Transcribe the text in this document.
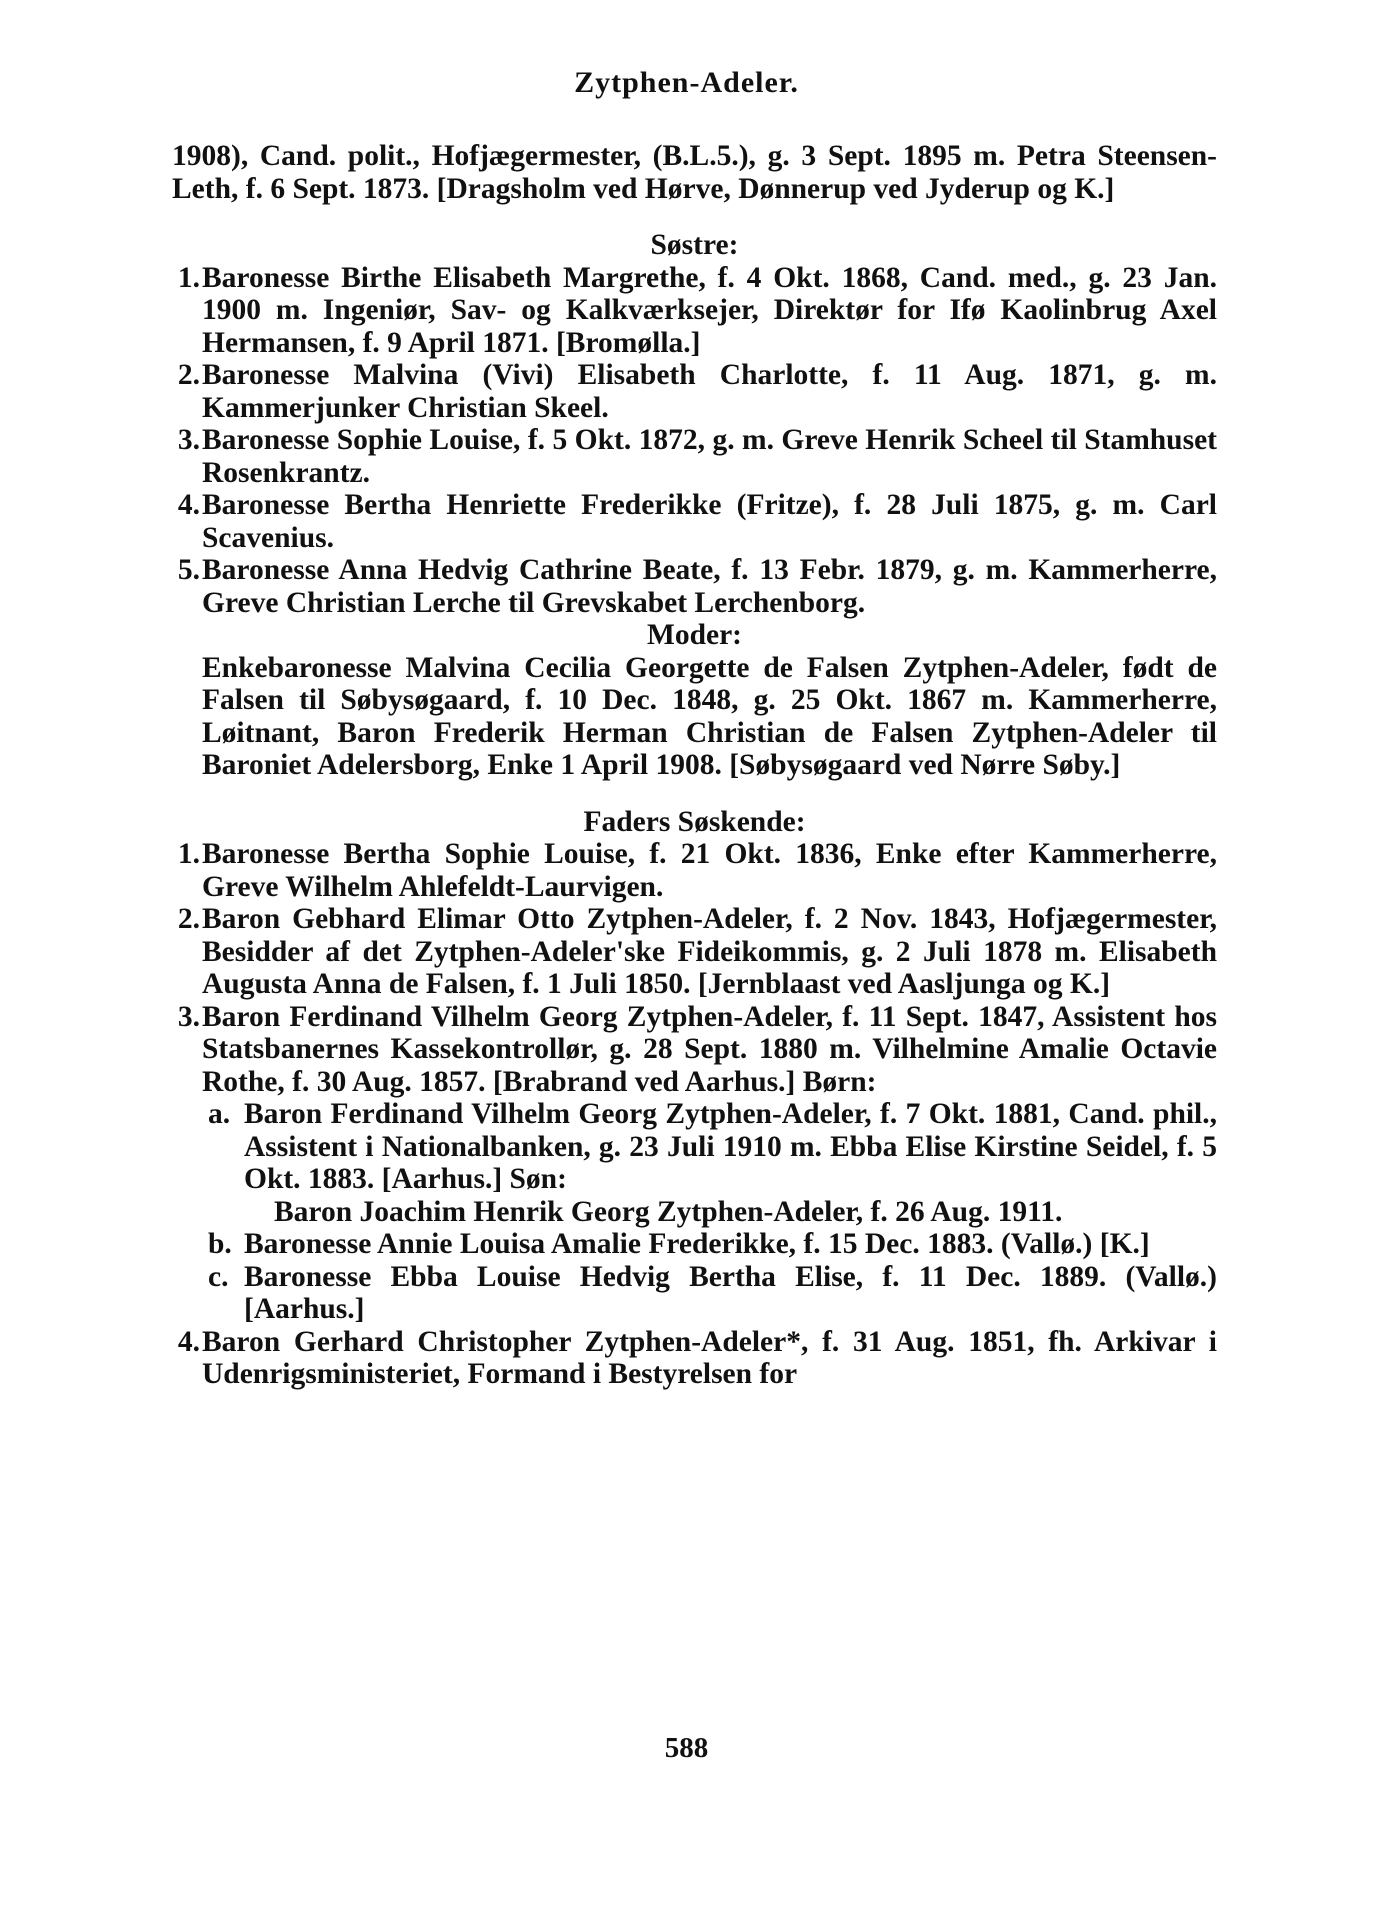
Zytphen-Adeler.

1908), Cand. polit., Hofjægermester, (B.L.5.), g. 3 Sept. 1895 m. Petra Steensen-Leth, f. 6 Sept. 1873. [Dragsholm ved Hørve, Dønnerup ved Jyderup og K.]

Søstre:

1. Baronesse Birthe Elisabeth Margrethe, f. 4 Okt. 1868, Cand. med., g. 23 Jan. 1900 m. Ingeniør, Sav- og Kalkværksejer, Direktør for Ifø Kaolinbrug Axel Hermansen, f. 9 April 1871. [Bromølla.]
2. Baronesse Malvina (Vivi) Elisabeth Charlotte, f. 11 Aug. 1871, g. m. Kammerjunker Christian Skeel.
3. Baronesse Sophie Louise, f. 5 Okt. 1872, g. m. Greve Henrik Scheel til Stamhuset Rosenkrantz.
4. Baronesse Bertha Henriette Frederikke (Fritze), f. 28 Juli 1875, g. m. Carl Scavenius.
5. Baronesse Anna Hedvig Cathrine Beate, f. 13 Febr. 1879, g. m. Kammerherre, Greve Christian Lerche til Grevskabet Lerchenborg.

Moder:

Enkebaronesse Malvina Cecilia Georgette de Falsen Zytphen-Adeler, født de Falsen til Søbysøgaard, f. 10 Dec. 1848, g. 25 Okt. 1867 m. Kammerherre, Løitnant, Baron Frederik Herman Christian de Falsen Zytphen-Adeler til Baroniet Adelersborg, Enke 1 April 1908. [Søbysøgaard ved Nørre Søby.]

Faders Søskende:

1. Baronesse Bertha Sophie Louise, f. 21 Okt. 1836, Enke efter Kammerherre, Greve Wilhelm Ahlefeldt-Laurvigen.
2. Baron Gebhard Elimar Otto Zytphen-Adeler, f. 2 Nov. 1843, Hofjægermester, Besidder af det Zytphen-Adeler'ske Fideikommis, g. 2 Juli 1878 m. Elisabeth Augusta Anna de Falsen, f. 1 Juli 1850. [Jernblaast ved Aasljunga og K.]
3. Baron Ferdinand Vilhelm Georg Zytphen-Adeler, f. 11 Sept. 1847, Assistent hos Statsbanernes Kassekontrollør, g. 28 Sept. 1880 m. Vilhelmine Amalie Octavie Rothe, f. 30 Aug. 1857. [Brabrand ved Aarhus.] Børn:
a. Baron Ferdinand Vilhelm Georg Zytphen-Adeler, f. 7 Okt. 1881, Cand. phil., Assistent i Nationalbanken, g. 23 Juli 1910 m. Ebba Elise Kirstine Seidel, f. 5 Okt. 1883. [Aarhus.] Søn:
Baron Joachim Henrik Georg Zytphen-Adeler, f. 26 Aug. 1911.
b. Baronesse Annie Louisa Amalie Frederikke, f. 15 Dec. 1883. (Vallø.) [K.]
c. Baronesse Ebba Louise Hedvig Bertha Elise, f. 11 Dec. 1889. (Vallø.) [Aarhus.]
4. Baron Gerhard Christopher Zytphen-Adeler*, f. 31 Aug. 1851, fh. Arkivar i Udenrigsministeriet, Formand i Bestyrelsen for
588
